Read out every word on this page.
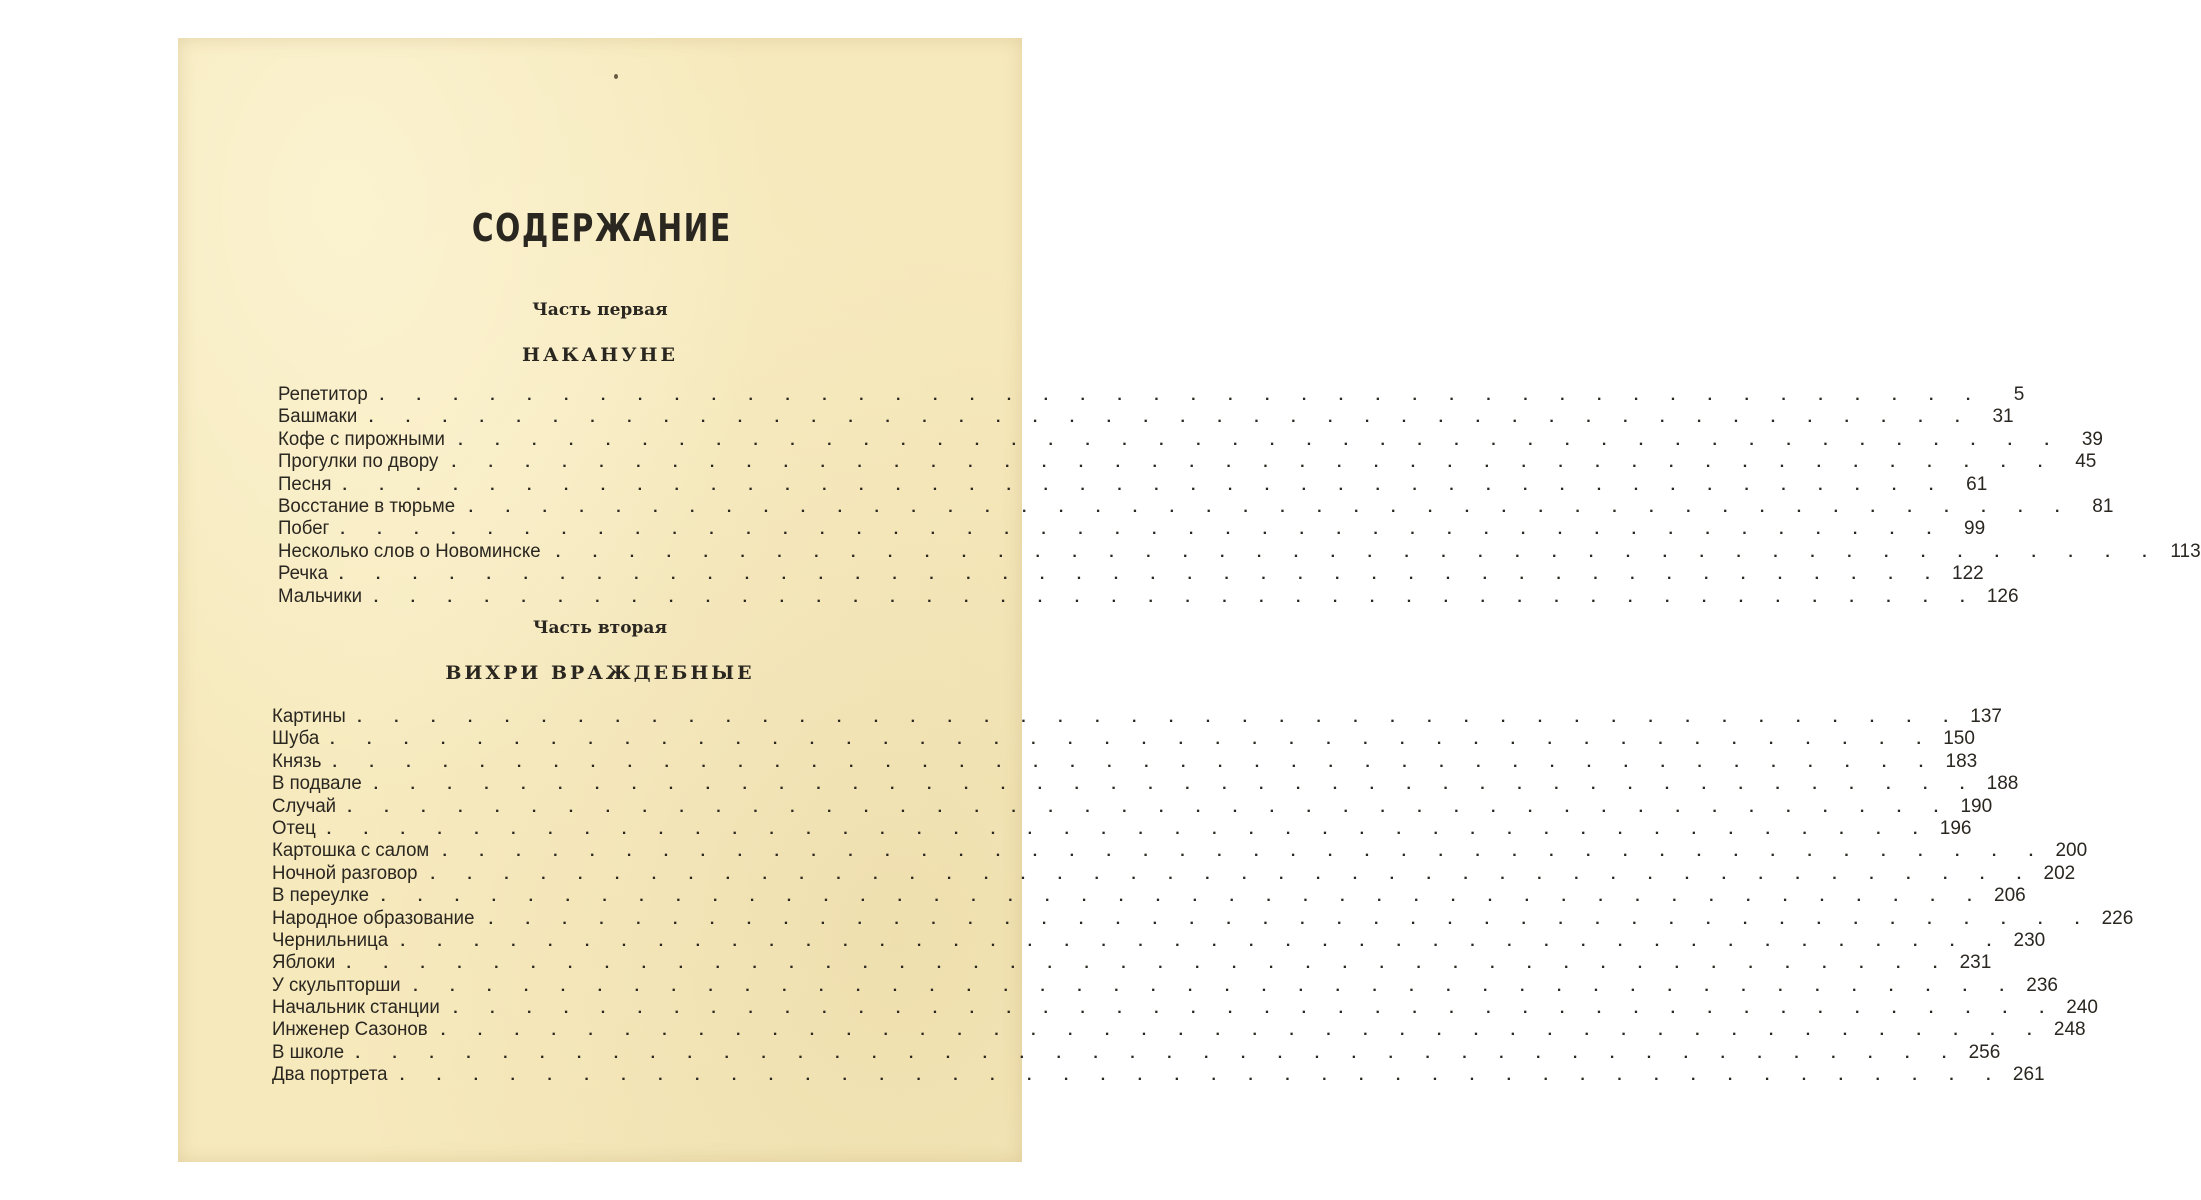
СОДЕРЖАНИЕ
Часть первая
НАКАНУНЕ
Репетитор . . . . . . . . . . . . . . . . . . . . . . . . . . . . . . . . . . . . . . . . . . . .	5
Башмаки . . . . . . . . . . . . . . . . . . . . . . . . . . . . . . . . . . . . . . . . . . . . 31
Кофе с пирожными . . . . . . . . . . . . . . . . . . . . . . . . . . . . . . . . . . . . . . . . . . . . 39
Прогулки по двору . . . . . . . . . . . . . . . . . . . . . . . . . . . . . . . . . . . . . . . . . . . . 45
Песня . . . . . . . . . . . . . . . . . . . . . . . . . . . . . . . . . . . . . . . . . . . . 61
Восстание в тюрьме . . . . . . . . . . . . . . . . . . . . . . . . . . . . . . . . . . . . . . . . . . . . 81
Побег . . . . . . . . . . . . . . . . . . . . . . . . . . . . . . . . . . . . . . . . . . . . 99
Несколько слов о Новоминске . . . . . . . . . . . . . . . . . . . . . . . . . . . . . . . . . . . . . . . . . . . . 113
Речка . . . . . . . . . . . . . . . . . . . . . . . . . . . . . . . . . . . . . . . . . . . . 122
Мальчики . . . . . . . . . . . . . . . . . . . . . . . . . . . . . . . . . . . . . . . . . . . . 126
Часть вторая
ВИХРИ ВРАЖДЕБНЫЕ
Картины . . . . . . . . . . . . . . . . . . . . . . . . . . . . . . . . . . . . . . . . . . . . 137
Шуба . . . . . . . . . . . . . . . . . . . . . . . . . . . . . . . . . . . . . . . . . . . . 150
Князь . . . . . . . . . . . . . . . . . . . . . . . . . . . . . . . . . . . . . . . . . . . . 183
В подвале . . . . . . . . . . . . . . . . . . . . . . . . . . . . . . . . . . . . . . . . . . . . 188
Случай . . . . . . . . . . . . . . . . . . . . . . . . . . . . . . . . . . . . . . . . . . . . 190
Отец . . . . . . . . . . . . . . . . . . . . . . . . . . . . . . . . . . . . . . . . . . . . 196
Картошка с салом . . . . . . . . . . . . . . . . . . . . . . . . . . . . . . . . . . . . . . . . . . . . 200
Ночной разговор . . . . . . . . . . . . . . . . . . . . . . . . . . . . . . . . . . . . . . . . . . . . 202
В переулке . . . . . . . . . . . . . . . . . . . . . . . . . . . . . . . . . . . . . . . . . . . . 206
Народное образование . . . . . . . . . . . . . . . . . . . . . . . . . . . . . . . . . . . . . . . . . . . . 226
Чернильница . . . . . . . . . . . . . . . . . . . . . . . . . . . . . . . . . . . . . . . . . . . . 230
Яблоки . . . . . . . . . . . . . . . . . . . . . . . . . . . . . . . . . . . . . . . . . . . . 231
У скульпторши . . . . . . . . . . . . . . . . . . . . . . . . . . . . . . . . . . . . . . . . . . . . 236
Начальник станции . . . . . . . . . . . . . . . . . . . . . . . . . . . . . . . . . . . . . . . . . . . . 240
Инженер Сазонов . . . . . . . . . . . . . . . . . . . . . . . . . . . . . . . . . . . . . . . . . . . . 248
В школе . . . . . . . . . . . . . . . . . . . . . . . . . . . . . . . . . . . . . . . . . . . . 256
Два портрета . . . . . . . . . . . . . . . . . . . . . . . . . . . . . . . . . . . . . . . . . . . . 261
